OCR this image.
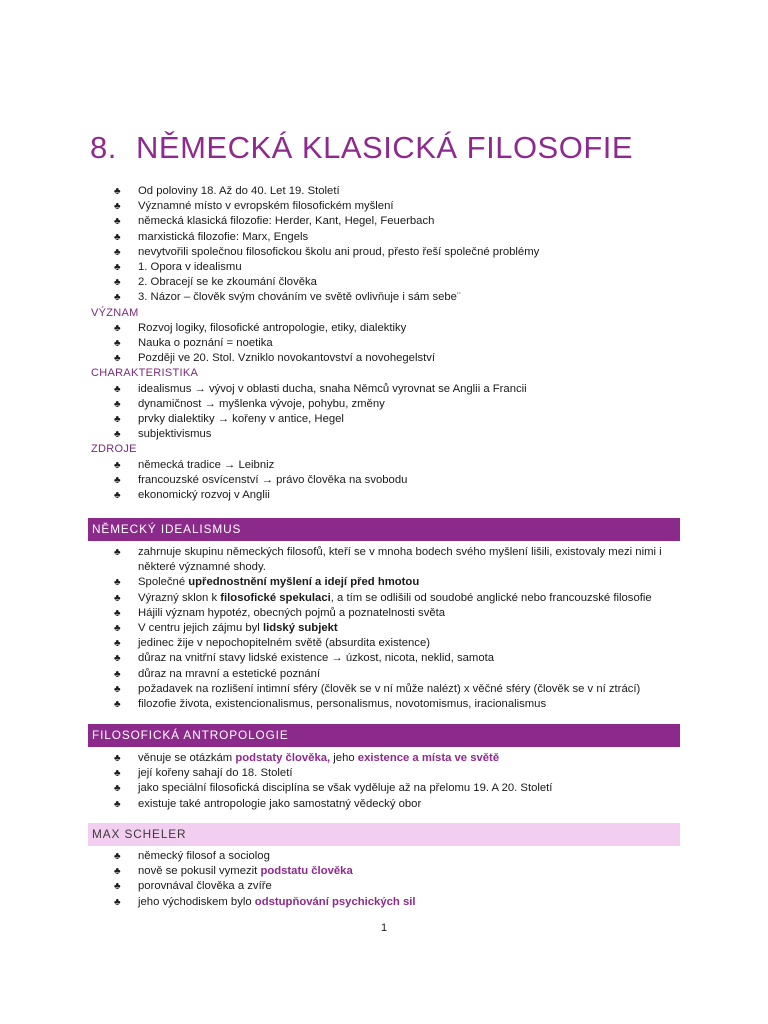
8. NĚMECKÁ KLASICKÁ FILOSOFIE
♣ Od poloviny 18. Až do 40. Let 19. Století
♣ Významné místo v evropském filosofickém myšlení
♣ německá klasická filozofie: Herder, Kant, Hegel, Feuerbach
♣ marxistická filozofie: Marx, Engels
♣ nevytvořili společnou filosofickou školu ani proud, přesto řeší společné problémy
♣ 1. Opora v idealismu
♣ 2. Obracejí se ke zkoumání člověka
♣ 3. Názor – člověk svým chováním ve světě ovlivňuje i sám sebe¨
VÝZNAM
♣ Rozvoj logiky, filosofické antropologie, etiky, dialektiky
♣ Nauka o poznání = noetika
♣ Později ve 20. Stol. Vzniklo novokantovství a novohegelství
CHARAKTERISTIKA
♣ idealismus → vývoj v oblasti ducha, snaha Němců vyrovnat se Anglii a Francii
♣ dynamičnost → myšlenka vývoje, pohybu, změny
♣ prvky dialektiky → kořeny v antice, Hegel
♣ subjektivismus
ZDROJE
♣ německá tradice → Leibniz
♣ francouzské osvícenství → právo člověka na svobodu
♣ ekonomický rozvoj v Anglii
NĚMECKÝ IDEALISMUS
♣ zahrnuje skupinu německých filosofů, kteří se v mnoha bodech svého myšlení lišili, existovaly mezi nimi i některé významné shody.
♣ Společné upřednostnění myšlení a idejí před hmotou
♣ Výrazný sklon k filosofické spekulaci, a tím se odlišili od soudobé anglické nebo francouzské filosofie
♣ Hájili význam hypotéz, obecných pojmů a poznatelnosti světa
♣ V centru jejich zájmu byl lidský subjekt
♣ jedinec žije v nepochopitelném světě (absurdita existence)
♣ důraz na vnitřní stavy lidské existence → úzkost, nicota, neklid, samota
♣ důraz na mravní a estetické poznání
♣ požadavek na rozlišení intimní sféry (člověk se v ní může nalézt) x věčné sféry (člověk se v ní ztrácí)
♣ filozofie života, existencionalismus, personalismus, novotomismus, iracionalismus
FILOSOFICKÁ ANTROPOLOGIE
♣ věnuje se otázkám podstaty člověka, jeho existence a místa ve světě
♣ její kořeny sahají do 18. Století
♣ jako speciální filosofická disciplína se však vyděluje až na přelomu 19. A 20. Století
♣ existuje také antropologie jako samostatný vědecký obor
MAX SCHELER
♣ německý filosof a sociolog
♣ nově se pokusil vymezit podstatu člověka
♣ porovnával člověka a zvíře
♣ jeho východiskem bylo odstupňování psychických sil
1
